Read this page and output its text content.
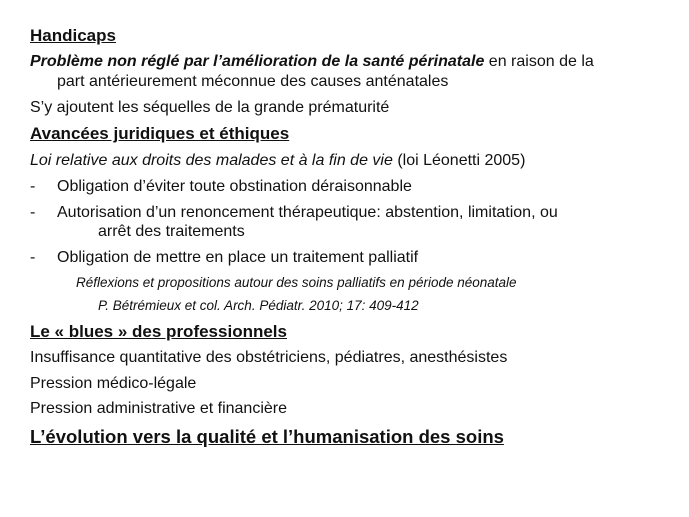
Handicaps
Problème non réglé par l’amélioration de la santé périnatale en raison de la
part antérieurement méconnue des causes anténatales
S’y ajoutent les séquelles de la grande prématurité
Avancées juridiques et éthiques
Loi relative aux droits des malades et à la fin de vie (loi Léonetti 2005)
- Obligation d’éviter toute obstination déraisonnable
- Autorisation d’un renoncement thérapeutique: abstention, limitation, ou
arrêt des traitements
- Obligation de mettre en place un traitement palliatif
Réflexions et propositions autour des soins palliatifs en période néonatale
P. Bétrémieux et col. Arch. Pédiatr. 2010; 17: 409-412
Le « blues » des professionnels
Insuffisance quantitative des obstétriciens, pédiatres, anesthésistes
Pression médico-légale
Pression administrative et financière
L’évolution vers la qualité et l’humanisation des soins
